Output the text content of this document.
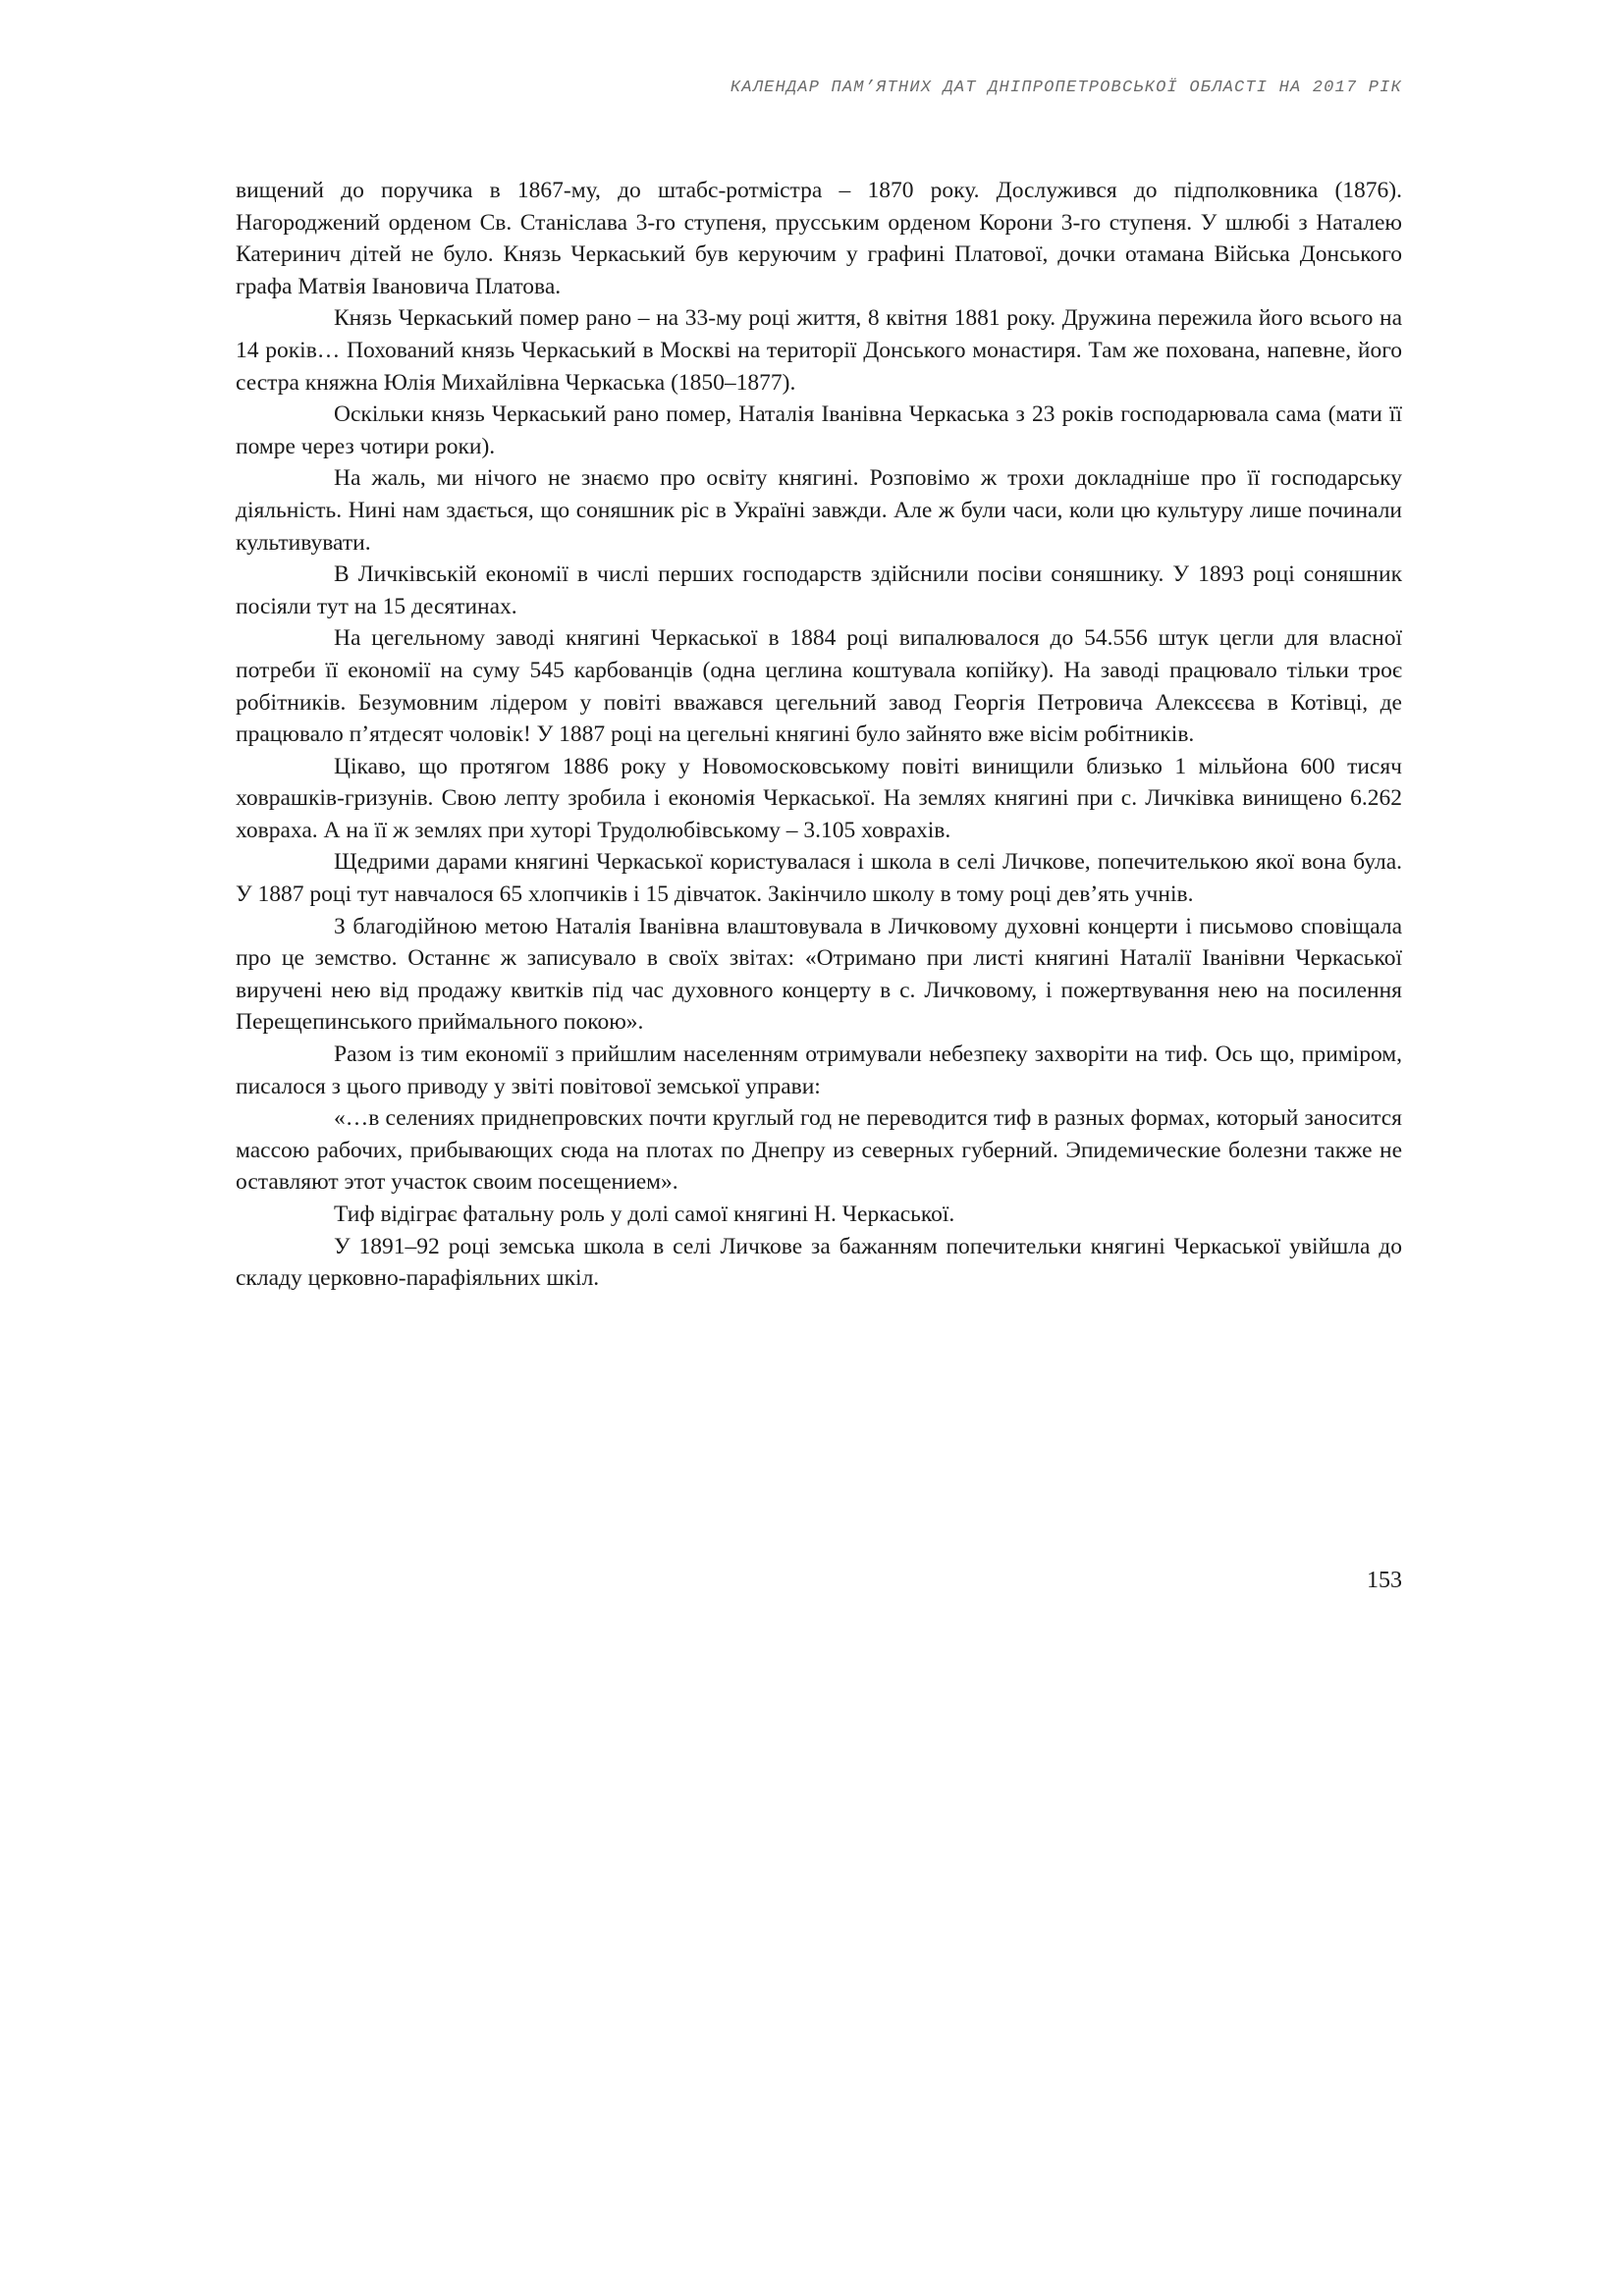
КАЛЕНДАР ПАМ’ЯТНИХ ДАТ ДНІПРОПЕТРОВСЬКОЇ ОБЛАСТІ НА 2017 РІК

вищений до поручика в 1867-му, до штабс-ротмістра – 1870 року. Дослужився до підполковника (1876). Нагороджений орденом Св. Станіслава 3-го ступеня, прусським орденом Корони 3-го ступеня. У шлюбі з Наталею Катеринич дітей не було. Князь Черкаський був керуючим у графині Платової, дочки отамана Війська Донського графа Матвія Івановича Платова.

Князь Черкаський помер рано – на 33-му році життя, 8 квітня 1881 року. Дружина пережила його всього на 14 років… Похований князь Черкаський в Москві на території Донського монастиря. Там же похована, напевне, його сестра княжна Юлія Михайлівна Черкаська (1850–1877).

Оскільки князь Черкаський рано помер, Наталія Іванівна Черкаська з 23 років господарювала сама (мати її помре через чотири роки).

На жаль, ми нічого не знаємо про освіту княгині. Розповімо ж трохи докладніше про її господарську діяльність. Нині нам здається, що соняшник ріс в Україні завжди. Але ж були часи, коли цю культуру лише починали культивувати.

В Личківській економії в числі перших господарств здійснили посіви соняшнику. У 1893 році соняшник посіяли тут на 15 десятинах.

На цегельному заводі княгині Черкаської в 1884 році випалювалося до 54.556 штук цегли для власної потреби її економії на суму 545 карбованців (одна цеглина коштувала копійку). На заводі працювало тільки троє робітників. Безумовним лідером у повіті вважався цегельний завод Георгія Петровича Алексєєва в Котівці, де працювало п’ятдесят чоловік! У 1887 році на цегельні княгині було зайнято вже вісім робітників.

Цікаво, що протягом 1886 року у Новомосковському повіті винищили близько 1 мільйона 600 тисяч ховрашків-гризунів. Свою лепту зробила і економія Черкаської. На землях княгині при с. Личківка винищено 6.262 ховраха. А на її ж землях при хуторі Трудолюбівському – 3.105 ховрахів.

Щедрими дарами княгині Черкаської користувалася і школа в селі Личкове, попечителькою якої вона була. У 1887 році тут навчалося 65 хлопчиків і 15 дівчаток. Закінчило школу в тому році дев’ять учнів.

З благодійною метою Наталія Іванівна влаштовувала в Личковому духовні концерти і письмово сповіщала про це земство. Останнє ж записувало в своїх звітах: «Отримано при листі княгині Наталії Іванівни Черкаської виручені нею від продажу квитків під час духовного концерту в с. Личковому, і пожертвування нею на посилення Перещепинського приймального покою».

Разом із тим економії з прийшлим населенням отримували небезпеку захворіти на тиф. Ось що, приміром, писалося з цього приводу у звіті повітової земської управи:

«…в селениях приднепровских почти круглый год не переводится тиф в разных формах, который заносится массою рабочих, прибывающих сюда на плотах по Днепру из северных губерний. Эпидемические болезни также не оставляют этот участок своим посещением».

Тиф відіграє фатальну роль у долі самої княгині Н. Черкаської.

У 1891–92 році земська школа в селі Личкове за бажанням попечительки княгині Черкаської увійшла до складу церковно-парафіяльних шкіл.

153
